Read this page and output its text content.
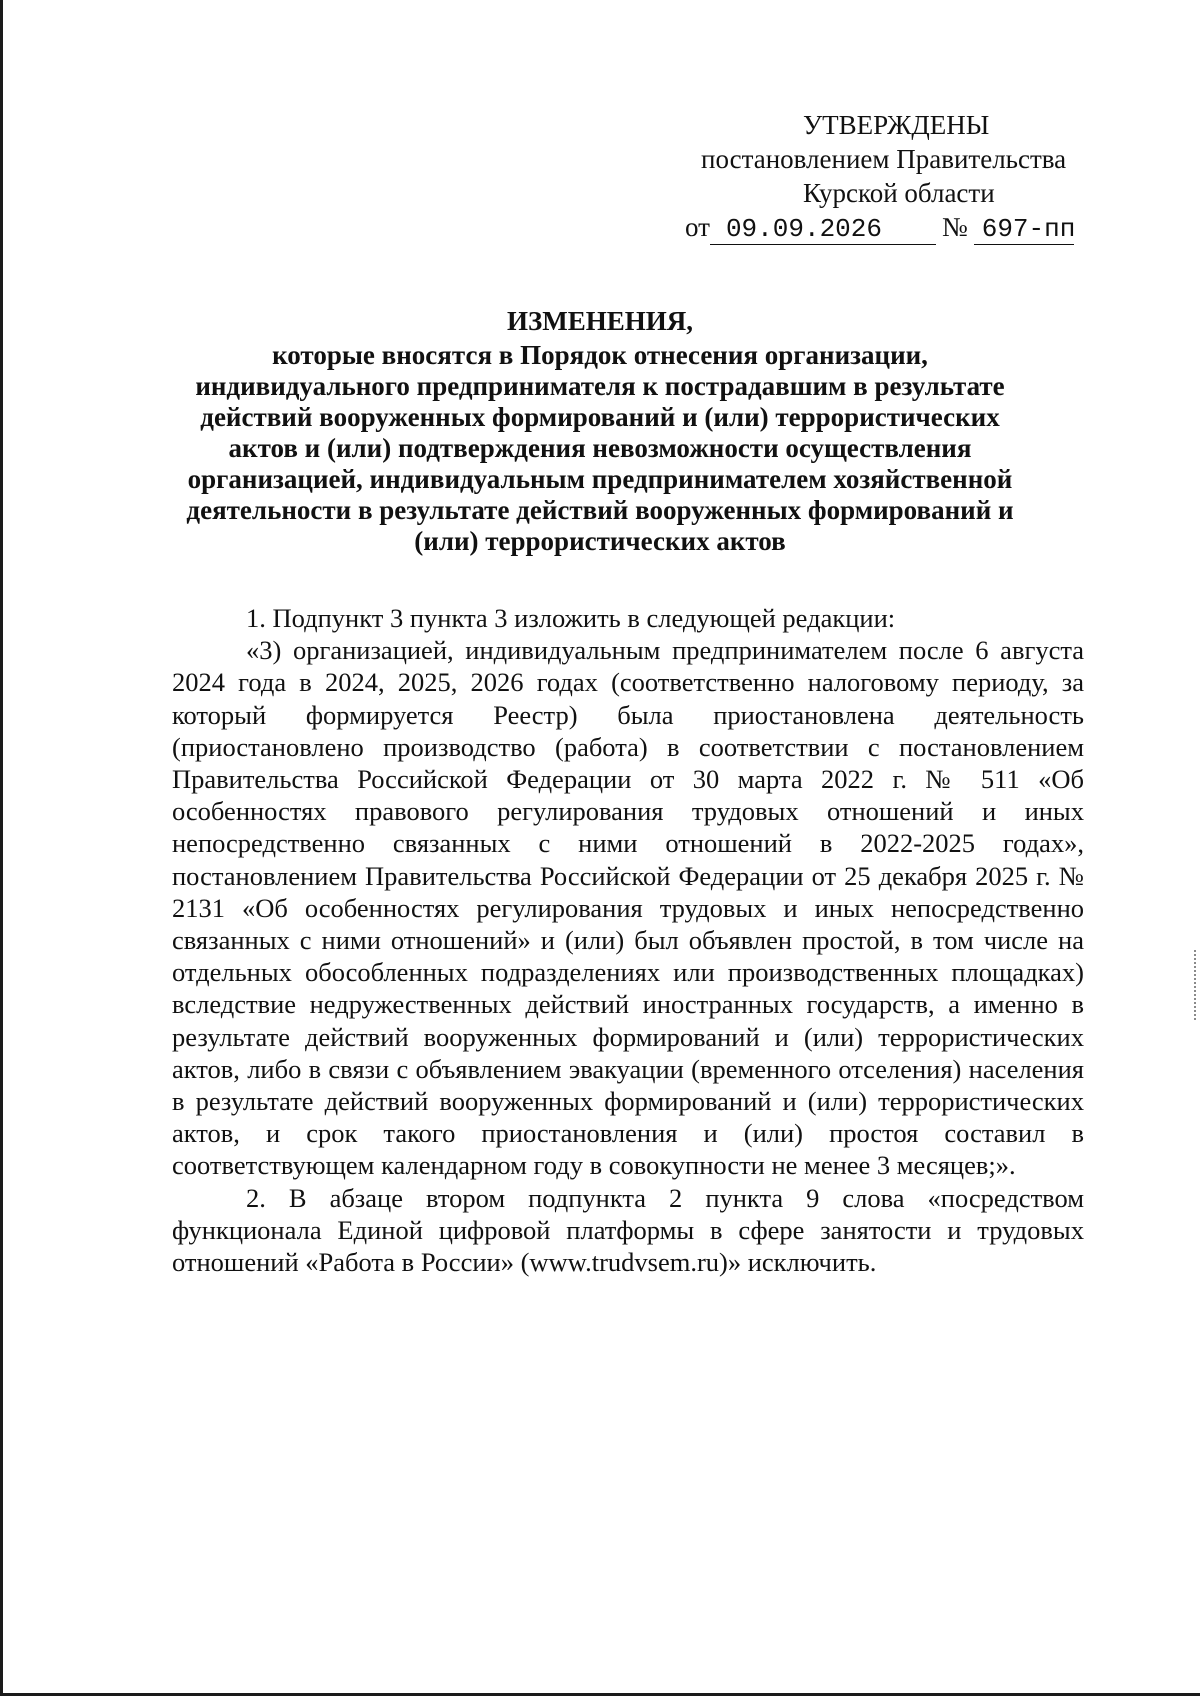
УТВЕРЖДЕНЫ
постановлением Правительства
Курской области
от 09.09.2026 № 697-пп
ИЗМЕНЕНИЯ,
которые вносятся в Порядок отнесения организации,
индивидуального предпринимателя к пострадавшим в результате
действий вооруженных формирований и (или) террористических
актов и (или) подтверждения невозможности осуществления
организацией, индивидуальным предпринимателем хозяйственной
деятельности в результате действий вооруженных формирований и
(или) террористических актов

1. Подпункт 3 пункта 3 изложить в следующей редакции:

«3) организацией, индивидуальным предпринимателем после 6 августа 2024 года в 2024, 2025, 2026 годах (соответственно налоговому периоду, за который формируется Реестр) была приостановлена деятельность (приостановлено производство (работа) в соответствии с постановлением Правительства Российской Федерации от 30 марта 2022 г. № 511 «Об особенностях правового регулирования трудовых отношений и иных непосредственно связанных с ними отношений в 2022-2025 годах», постановлением Правительства Российской Федерации от 25 декабря 2025 г. № 2131 «Об особенностях регулирования трудовых и иных непосредственно связанных с ними отношений» и (или) был объявлен простой, в том числе на отдельных обособленных подразделениях или производственных площадках) вследствие недружественных действий иностранных государств, а именно в результате действий вооруженных формирований и (или) террористических актов, либо в связи с объявлением эвакуации (временного отселения) населения в результате действий вооруженных формирований и (или) террористических актов, и срок такого приостановления и (или) простоя составил в соответствующем календарном году в совокупности не менее 3 месяцев;».

2. В абзаце втором подпункта 2 пункта 9 слова «посредством функционала Единой цифровой платформы в сфере занятости и трудовых отношений «Работа в России» (www.trudvsem.ru)» исключить.
